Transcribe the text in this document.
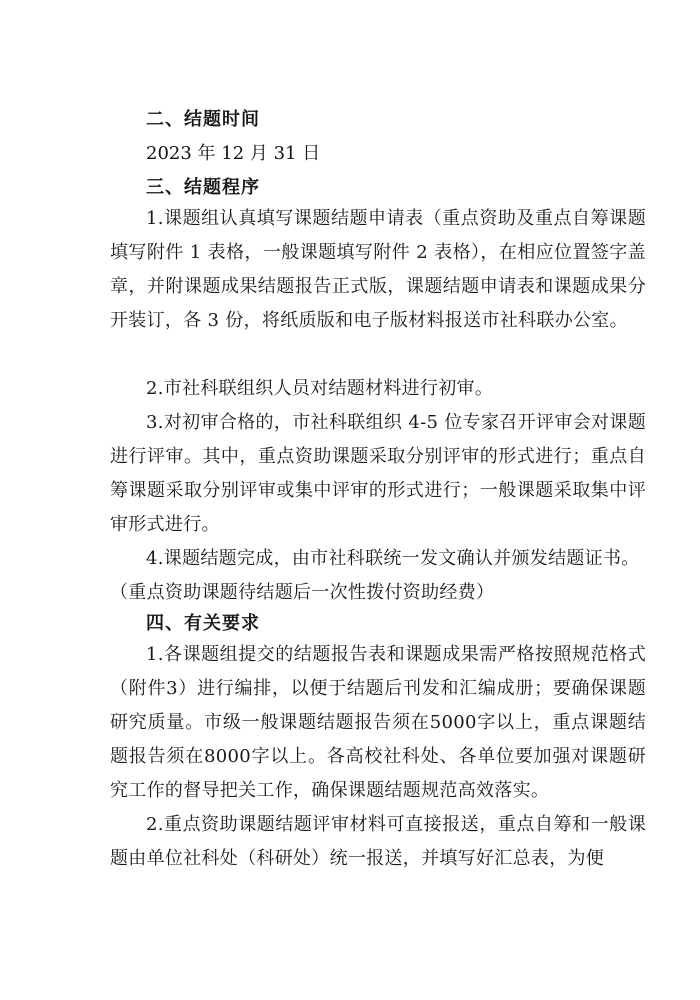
二、结题时间
2023 年 12 月 31 日
三、结题程序

1.课题组认真填写课题结题申请表（重点资助及重点自筹课题填写附件 1 表格，一般课题填写附件 2 表格），在相应位置签字盖章，并附课题成果结题报告正式版，课题结题申请表和课题成果分开装订，各 3 份，将纸质版和电子版材料报送市社科联办公室。

2.市社科联组织人员对结题材料进行初审。

3.对初审合格的，市社科联组织 4-5 位专家召开评审会对课题进行评审。其中，重点资助课题采取分别评审的形式进行；重点自筹课题采取分别评审或集中评审的形式进行；一般课题采取集中评审形式进行。

4.课题结题完成，由市社科联统一发文确认并颁发结题证书。

（重点资助课题待结题后一次性拨付资助经费）

四、有关要求

1.各课题组提交的结题报告表和课题成果需严格按照规范格式（附件3）进行编排，以便于结题后刊发和汇编成册；要确保课题研究质量。市级一般课题结题报告须在5000字以上，重点课题结题报告须在8000字以上。各高校社科处、各单位要加强对课题研究工作的督导把关工作，确保课题结题规范高效落实。

2.重点资助课题结题评审材料可直接报送，重点自筹和一般课题由单位社科处（科研处）统一报送，并填写好汇总表，为便
